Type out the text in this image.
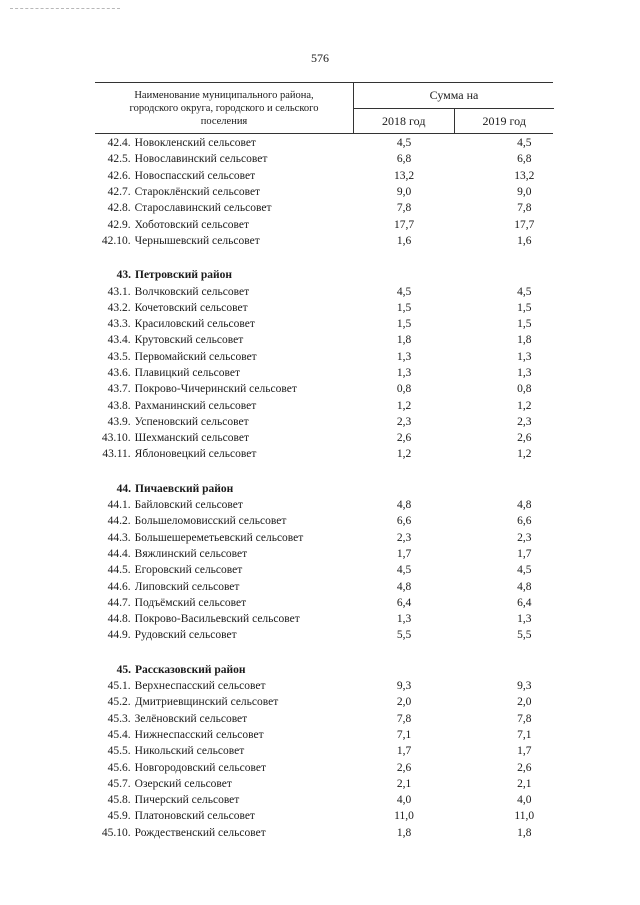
576
Наименование муниципального района,
городского округа, городского и сельского
поселения
Сумма на
2018 год	2019 год
42.4. Новокленский сельсовет	4,5	4,5
42.5. Новославинский сельсовет	6,8	6,8
42.6. Новоспасский сельсовет	13,2	13,2
42.7. Староклёнский сельсовет	9,0	9,0
42.8. Старославинский сельсовет	7,8	7,8
42.9. Хоботовский сельсовет	17,7	17,7
42.10. Чернышевский сельсовет	1,6	1,6
43. Петровский район
43.1. Волчковский сельсовет	4,5	4,5
43.2. Кочетовский сельсовет	1,5	1,5
43.3. Красиловский сельсовет	1,5	1,5
43.4. Крутовский сельсовет	1,8	1,8
43.5. Первомайский сельсовет	1,3	1,3
43.6. Плавицкий сельсовет	1,3	1,3
43.7. Покрово-Чичеринский сельсовет	0,8	0,8
43.8. Рахманинский сельсовет	1,2	1,2
43.9. Успеновский сельсовет	2,3	2,3
43.10. Шехманский сельсовет	2,6	2,6
43.11. Яблоновецкий сельсовет	1,2	1,2
44. Пичаевский район
44.1. Байловский сельсовет	4,8	4,8
44.2. Большеломовисский сельсовет	6,6	6,6
44.3. Большешереметьевский сельсовет	2,3	2,3
44.4. Вяжлинский сельсовет	1,7	1,7
44.5. Егоровский сельсовет	4,5	4,5
44.6. Липовский сельсовет	4,8	4,8
44.7. Подъёмский сельсовет	6,4	6,4
44.8. Покрово-Васильевский сельсовет	1,3	1,3
44.9. Рудовский сельсовет	5,5	5,5
45. Рассказовский район
45.1. Верхнеспасский сельсовет	9,3	9,3
45.2. Дмитриевщинский сельсовет	2,0	2,0
45.3. Зелёновский сельсовет	7,8	7,8
45.4. Нижнеспасский сельсовет	7,1	7,1
45.5. Никольский сельсовет	1,7	1,7
45.6. Новгородовский сельсовет	2,6	2,6
45.7. Озерский сельсовет	2,1	2,1
45.8. Пичерский сельсовет	4,0	4,0
45.9. Платоновский сельсовет	11,0	11,0
45.10. Рождественский сельсовет	1,8	1,8
